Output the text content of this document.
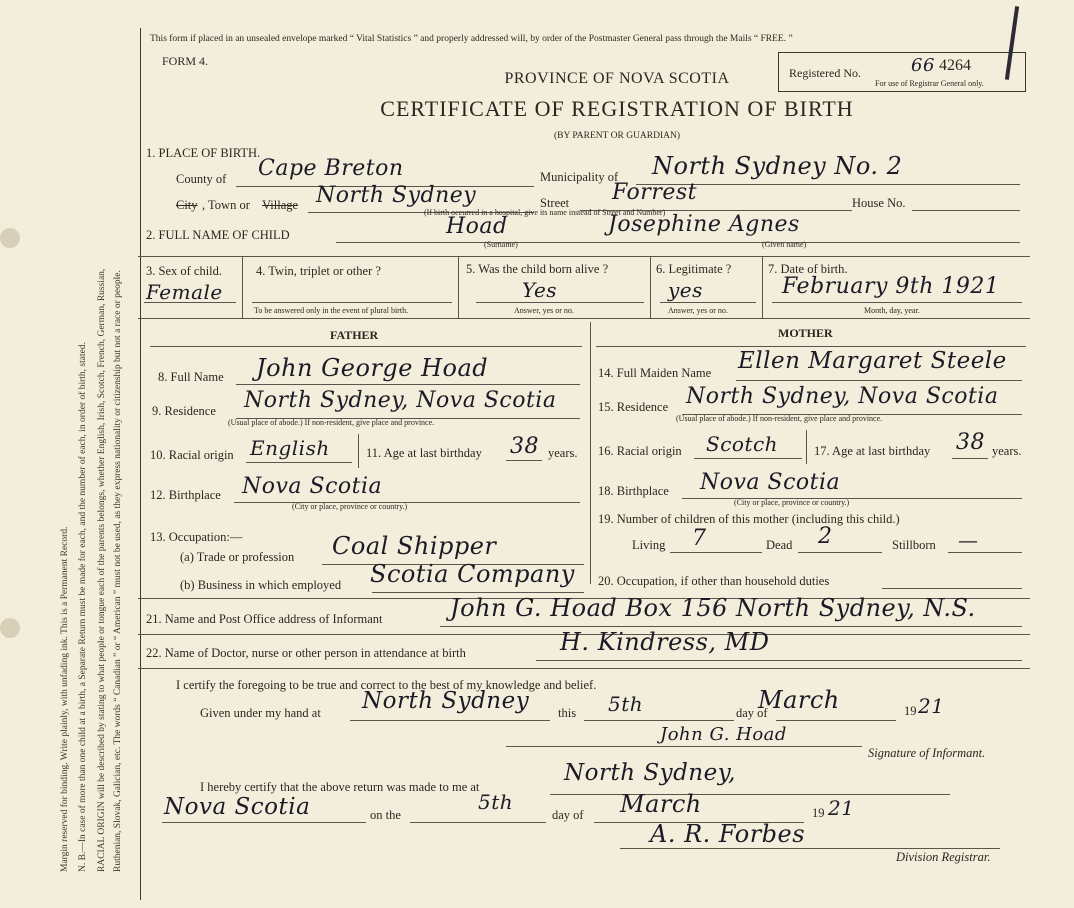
Margin reserved for binding. Write plainly, with unfading ink. This is a Permanent Record. N. B.—In case of more than one child at a birth, a Separate Return must be made for each, and the number of each, in order of birth, stated. RACIAL ORIGIN will be described by stating to what people or tongue each of the parents belongs, whether English, Irish, Scotch, French, German, Russian, Ruthenian, Slovak, Galician, etc. The words “ Canadian ” or “ American ” must not be used, as they express nationality or citizenship but not a race or people.
This form if placed in an unsealed envelope marked “ Vital Statistics ” and properly addressed will, by order of the Postmaster General pass through the Mails “ FREE. ”
FORM 4.
PROVINCE OF NOVA SCOTIA
CERTIFICATE OF REGISTRATION OF BIRTH
(BY PARENT OR GUARDIAN)
Registered No.	66 4264
For use of Registrar General only.
1. PLACE OF BIRTH.
County of Cape Breton	Municipality of North Sydney No. 2
City , Town or Village North Sydney	Street Forrest
(If birth occurred in a hospital, give its name instead of Street and Number)
House No.
2. FULL NAME OF CHILD	Hoad
(Surname)
Josephine Agnes
(Given name)
3. Sex of child.
Female
4. Twin, triplet or other ?
To be answered only in the event of plural birth.
5. Was the child born alive ?
Yes
Answer, yes or no.
6. Legitimate ?
yes
Answer, yes or no.
7. Date of birth.
February 9th 1921
Month, day, year.
FATHER	MOTHER
8. Full Name John George Hoad
9. Residence North Sydney, Nova Scotia
(Usual place of abode.) If non-resident, give place and province.
10. Racial origin English	11. Age at last birthday 38 years.
12. Birthplace Nova Scotia
(City or place, province or country.)
13. Occupation:—
(a) Trade or profession Coal Shipper
(b) Business in which employed Scotia Company
14. Full Maiden Name Ellen Margaret Steele
15. Residence North Sydney, Nova Scotia
(Usual place of abode.) If non-resident, give place and province.
16. Racial origin Scotch	17. Age at last birthday 38 years.
18. Birthplace Nova Scotia
(City or place, province or country.)
19. Number of children of this mother (including this child.)
Living 7	Dead 2	Stillborn —
20. Occupation, if other than household duties
21. Name and Post Office address of Informant	John G. Hoad Box 156 North Sydney, N.S.
22. Name of Doctor, nurse or other person in attendance at birth	H. Kindress, MD
I certify the foregoing to be true and correct to the best of my knowledge and belief.
Given under my hand at North Sydney this 5th	day of
March	19 21
John G. Hoad
Signature of Informant.
I hereby certify that the above return was made to me at
North Sydney,
Nova Scotia	on the
5th
day of March	19 21
A. R. Forbes
Division Registrar.
